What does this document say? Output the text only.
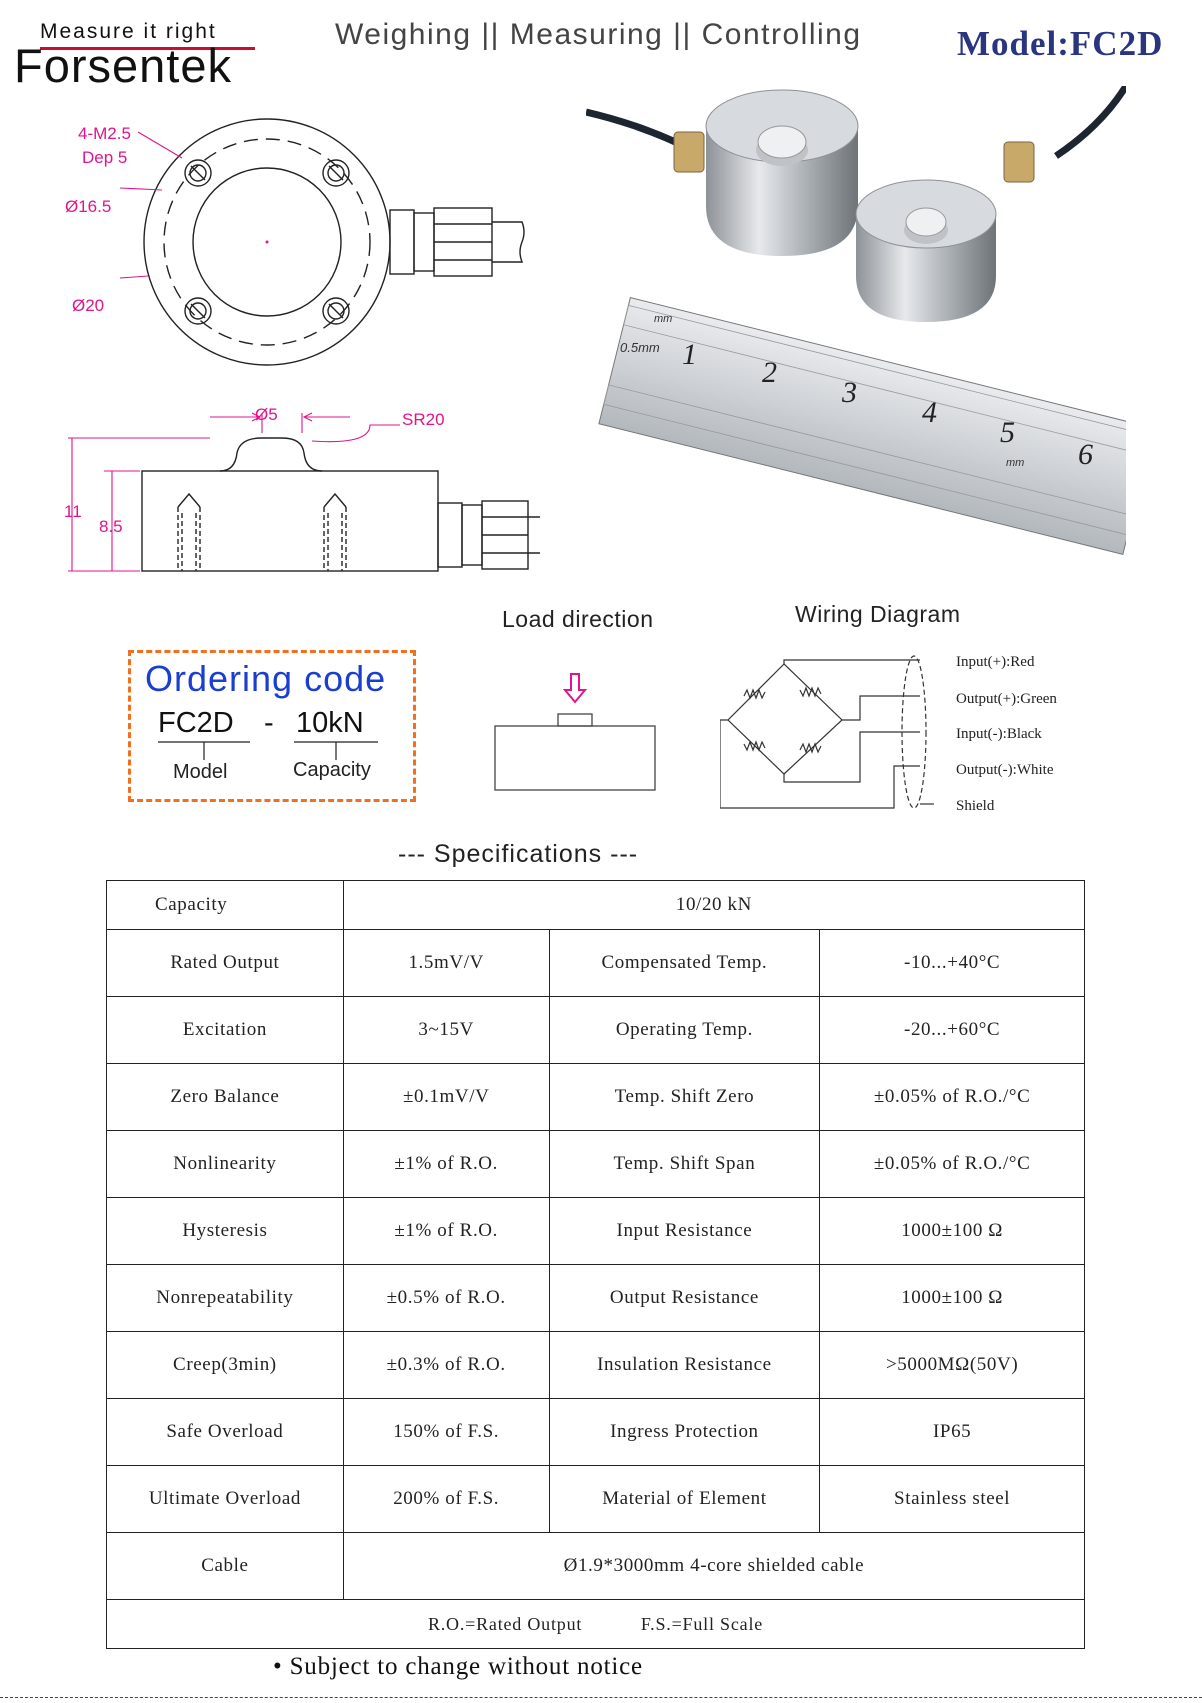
Measure it right
Forsentek
Weighing || Measuring || Controlling	Model:FC2D
4-M2.5
Dep 5
Ø16.5
Ø20
Ø5	SR20
11
8.5
1
2
3
4
5
6
mm
0.5mm
mm
Ordering code
FC2D - 10kN
Model	Capacity
Load direction	Wiring Diagram
Input(+):Red
Output(+):Green
Input(-):Black
Output(-):White
Shield
--- Specifications ---
Capacity	10/20 kN		
Rated Output	1.5mV/V	Compensated Temp.	-10...+40°C
Excitation	3~15V	Operating Temp.	-20...+60°C
Zero Balance	±0.1mV/V	Temp. Shift Zero	±0.05% of R.O./°C
Nonlinearity	±1% of R.O.	Temp. Shift Span	±0.05% of R.O./°C
Hysteresis	±1% of R.O.	Input Resistance	1000±100 Ω
Nonrepeatability	±0.5% of R.O.	Output Resistance	1000±100 Ω
Creep(3min)	±0.3% of R.O.	Insulation Resistance	>5000MΩ(50V)
Safe Overload	150% of F.S.	Ingress Protection	IP65
Ultimate Overload	200% of F.S.	Material of Element	Stainless steel
Cable	Ø1.9*3000mm 4-core shielded cable		
R.O.=Rated Output F.S.=Full Scale			
• Subject to change without notice
